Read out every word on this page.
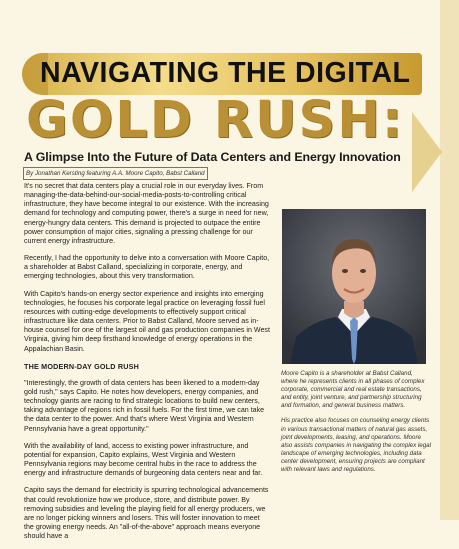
NAVIGATING THE DIGITAL
GOLD RUSH:
A Glimpse Into the Future of Data Centers and Energy Innovation
By Jonathan Kersting featuring A.A. Moore Capito, Babst Calland

It's no secret that data centers play a crucial role in our everyday lives. From managing-the-data-behind-our-social-media-posts-to-controlling critical infrastructure, they have become integral to our existence. With the increasing demand for technology and computing power, there's a surge in need for new, energy-hungry data centers. This demand is projected to outpace the entire power consumption of major cities, signaling a pressing challenge for our current energy infrastructure.

Recently, I had the opportunity to delve into a conversation with Moore Capito, a shareholder at Babst Calland, specializing in corporate, energy, and emerging technologies, about this very transformation.

With Capito's hands-on energy sector experience and insights into emerging technologies, he focuses his corporate legal practice on leveraging fossil fuel resources with cutting-edge developments to effectively support critical infrastructure like data centers. Prior to Babst Calland, Moore served as in-house counsel for one of the largest oil and gas production companies in West Virginia, giving him deep firsthand knowledge of energy operations in the Appalachian Basin.

THE MODERN-DAY GOLD RUSH

"Interestingly, the growth of data centers has been likened to a modern-day gold rush," says Capito. He notes how developers, energy companies, and technology giants are racing to find strategic locations to build new centers, taking advantage of regions rich in fossil fuels. For the first time, we can take the data center to the power. And that's where West Virginia and Western Pennsylvania have a great opportunity."

With the availability of land, access to existing power infrastructure, and potential for expansion, Capito explains, West Virginia and Western Pennsylvania regions may become central hubs in the race to address the energy and infrastructure demands of burgeoning data centers near and far.

Capito says the demand for electricity is spurring technological advancements that could revolutionize how we produce, store, and distribute power. By removing subsidies and leveling the playing field for all energy producers, we are no longer picking winners and losers. This will foster innovation to meet the growing energy needs. An "all-of-the-above" approach means everyone should have a

Moore Capito is a shareholder at Babst Calland, where he represents clients in all phases of complex corporate, commercial and real estate transactions, and entity, joint venture, and partnership structuring and formation, and general business matters.

His practice also focuses on counseling energy clients in various transactional matters of natural gas assets, joint developments, leasing, and operations. Moore also assists companies in navigating the complex legal landscape of emerging technologies, including data center development, ensuring projects are compliant with relevant laws and regulations.
